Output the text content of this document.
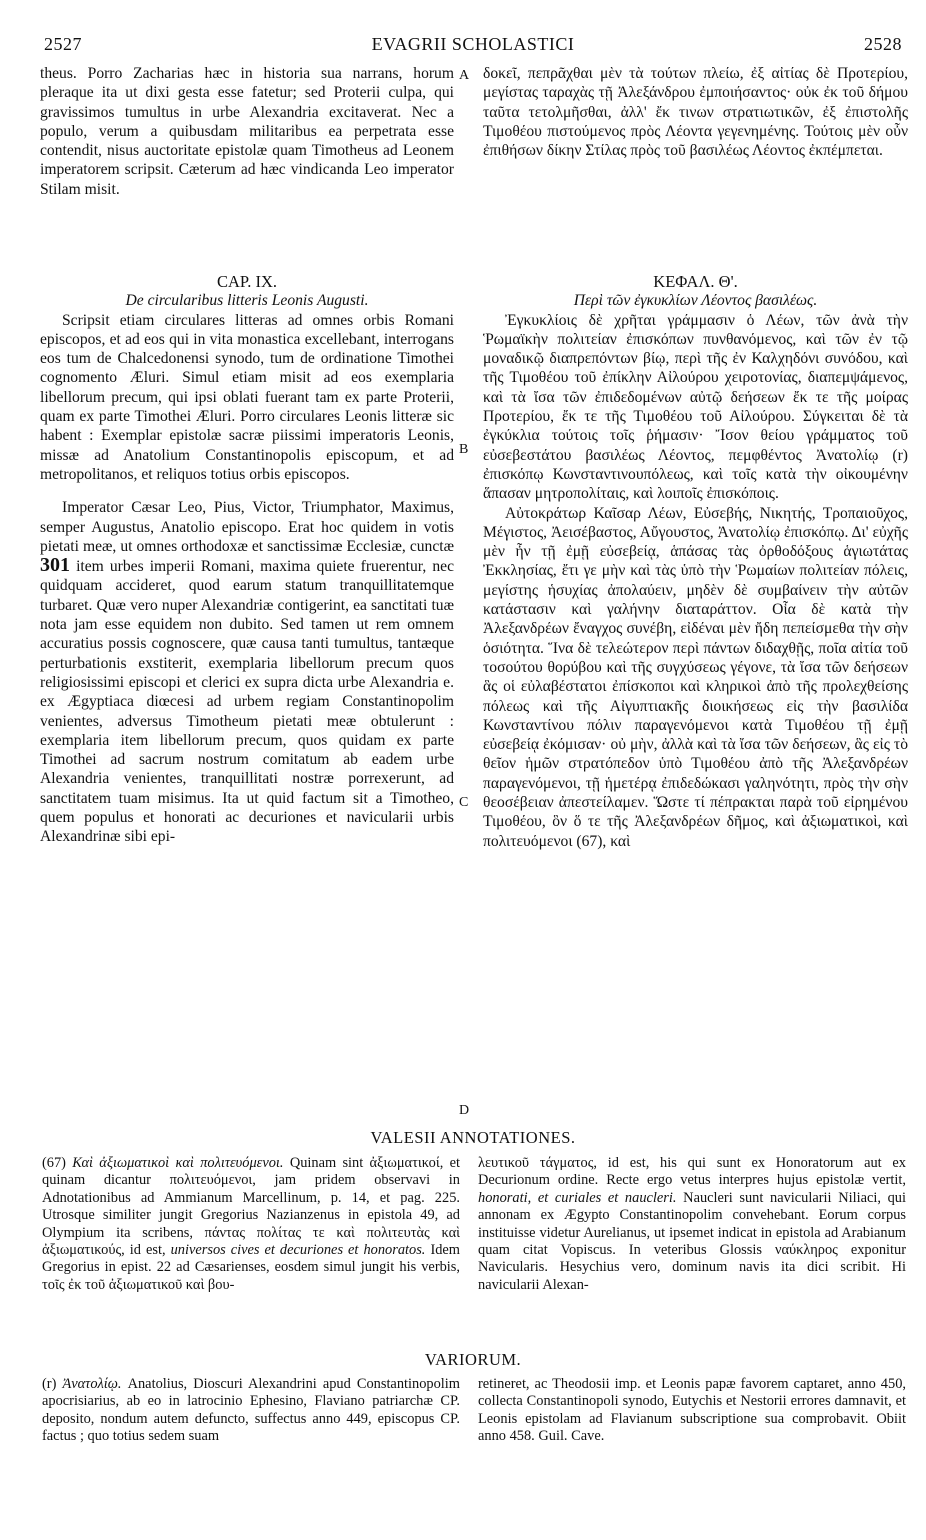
2527	EVAGRII SCHOLASTICI	2528
A
B
C
D

theus. Porro Zacharias hæc in historia sua narrans, horum pleraque ita ut dixi gesta esse fatetur; sed Proterii culpa, qui gravissimos tumultus in urbe Alexandria excitaverat. Nec a populo, verum a quibusdam militaribus ea perpetrata esse contendit, nisus auctoritate epistolæ quam Timotheus ad Leonem imperatorem scripsit. Cæterum ad hæc vindicanda Leo imperator Stilam misit.

CAP. IX.

De circularibus litteris Leonis Augusti.

Scripsit etiam circulares litteras ad omnes orbis Romani episcopos, et ad eos qui in vita monastica excellebant, interrogans eos tum de Chalcedonensi synodo, tum de ordinatione Timothei cognomento Æluri. Simul etiam misit ad eos exemplaria libellorum precum, qui ipsi oblati fuerant tam ex parte Proterii, quam ex parte Timothei Æluri. Porro circulares Leonis litteræ sic habent : Exemplar epistolæ sacræ piissimi imperatoris Leonis, missæ ad Anatolium Constantinopolis episcopum, et ad metropolitanos, et reliquos totius orbis episcopos.

Imperator Cæsar Leo, Pius, Victor, Triumphator, Maximus, semper Augustus, Anatolio episcopo. Erat hoc quidem in votis pietati meæ, ut omnes orthodoxæ et sanctissimæ Ecclesiæ, cunctæ 301 item urbes imperii Romani, maxima quiete fruerentur, nec quidquam accideret, quod earum statum tranquillitatemque turbaret. Quæ vero nuper Alexandriæ contigerint, ea sanctitati tuæ nota jam esse equidem non dubito. Sed tamen ut rem omnem accuratius possis cognoscere, quæ causa tanti tumultus, tantæque perturbationis exstiterit, exemplaria libellorum precum quos religiosissimi episcopi et clerici ex supra dicta urbe Alexandria e. ex Ægyptiaca diœcesi ad urbem regiam Constantinopolim venientes, adversus Timotheum pietati meæ obtulerunt : exemplaria item libellorum precum, quos quidam ex parte Timothei ad sacrum nostrum comitatum ab eadem urbe Alexandria venientes, tranquillitati nostræ porrexerunt, ad sanctitatem tuam misimus. Ita ut quid factum sit a Timotheo, quem populus et honorati ac decuriones et navicularii urbis Alexandrinæ sibi epi-

δοκεῖ, πεπρᾶχθαι μὲν τὰ τούτων πλείω, ἐξ αἰτίας δὲ Προτερίου, μεγίστας ταραχὰς τῇ Ἀλεξάνδρου ἐμποιήσαντος· οὐκ ἐκ τοῦ δήμου ταῦτα τετολμῆσθαι, ἀλλ' ἔκ τινων στρατιωτικῶν, ἐξ ἐπιστολῆς Τιμοθέου πιστούμενος πρὸς Λέοντα γεγενημένης. Τούτοις μὲν οὖν ἐπιθήσων δίκην Στίλας πρὸς τοῦ βασιλέως Λέοντος ἐκπέμπεται.

ΚΕΦΑΛ. Θ'.

Περὶ τῶν ἐγκυκλίων Λέοντος βασιλέως.

Ἐγκυκλίοις δὲ χρῆται γράμμασιν ὁ Λέων, τῶν ἀνὰ τὴν Ῥωμαϊκὴν πολιτείαν ἐπισκόπων πυνθανόμενος, καὶ τῶν ἐν τῷ μοναδικῷ διαπρεπόντων βίῳ, περὶ τῆς ἐν Καλχηδόνι συνόδου, καὶ τῆς Τιμοθέου τοῦ ἐπίκλην Αἰλούρου χειροτονίας, διαπεμψάμενος, καὶ τὰ ἴσα τῶν ἐπιδεδομένων αὐτῷ δεήσεων ἔκ τε τῆς μοίρας Προτερίου, ἔκ τε τῆς Τιμοθέου τοῦ Αἰλούρου. Σύγκειται δὲ τὰ ἐγκύκλια τούτοις τοῖς ῥήμασιν· Ἴσον θείου γράμματος τοῦ εὐσεβεστάτου βασιλέως Λέοντος, πεμφθέντος Ἀνατολίῳ (r) ἐπισκόπῳ Κωνσταντινουπόλεως, καὶ τοῖς κατὰ τὴν οἰκουμένην ἅπασαν μητροπολίταις, καὶ λοιποῖς ἐπισκόποις.

Αὐτοκράτωρ Καῖσαρ Λέων, Εὐσεβής, Νικητής, Τροπαιοῦχος, Μέγιστος, Ἀεισέβαστος, Αὔγουστος, Ἀνατολίῳ ἐπισκόπῳ. Δι' εὐχῆς μὲν ἦν τῇ ἐμῇ εὐσεβείᾳ, ἁπάσας τὰς ὀρθοδόξους ἁγιωτάτας Ἐκκλησίας, ἔτι γε μὴν καὶ τὰς ὑπὸ τὴν Ῥωμαίων πολιτείαν πόλεις, μεγίστης ἡσυχίας ἀπολαύειν, μηδὲν δὲ συμβαίνειν τὴν αὐτῶν κατάστασιν καὶ γαλήνην διαταράττον. Οἷα δὲ κατὰ τὴν Ἀλεξανδρέων ἔναγχος συνέβη, εἰδέναι μὲν ἤδη πεπείσμεθα τὴν σὴν ὁσιότητα. Ἵνα δὲ τελεώτερον περὶ πάντων διδαχθῇς, ποῖα αἰτία τοῦ τοσούτου θορύβου καὶ τῆς συγχύσεως γέγονε, τὰ ἴσα τῶν δεήσεων ἃς οἱ εὐλαβέστατοι ἐπίσκοποι καὶ κληρικοὶ ἀπὸ τῆς προλεχθείσης πόλεως καὶ τῆς Αἰγυπτιακῆς διοικήσεως εἰς τὴν βασιλίδα Κωνσταντίνου πόλιν παραγενόμενοι κατὰ Τιμοθέου τῇ ἐμῇ εὐσεβείᾳ ἐκόμισαν· οὐ μὴν, ἀλλὰ καὶ τὰ ἴσα τῶν δεήσεων, ἃς εἰς τὸ θεῖον ἡμῶν στρατόπεδον ὑπὸ Τιμοθέου ἀπὸ τῆς Ἀλεξανδρέων παραγενόμενοι, τῇ ἡμετέρᾳ ἐπιδεδώκασι γαληνότητι, πρὸς τὴν σὴν θεοσέβειαν ἀπεστείλαμεν. Ὥστε τί πέπρακται παρὰ τοῦ εἰρημένου Τιμοθέου, ὃν ὅ τε τῆς Ἀλεξανδρέων δῆμος, καὶ ἀξιωματικοὶ, καὶ πολιτευόμενοι (67), καὶ

VALESII ANNOTATIONES.

(67) Καὶ ἀξιωματικοὶ καὶ πολιτευόμενοι. Quinam sint ἀξιωματικοί, et quinam dicantur πολιτευόμενοι, jam pridem observavi in Adnotationibus ad Ammianum Marcellinum, p. 14, et pag. 225. Utrosque similiter jungit Gregorius Nazianzenus in epistola 49, ad Olympium ita scribens, πάντας πολίτας τε καὶ πολιτευτὰς καὶ ἀξιωματικούς, id est, universos cives et decuriones et honoratos. Idem Gregorius in epist. 22 ad Cæsarienses, eosdem simul jungit his verbis, τοῖς ἐκ τοῦ ἀξιωματικοῦ καὶ βου-

λευτικοῦ τάγματος, id est, his qui sunt ex Honoratorum aut ex Decurionum ordine. Recte ergo vetus interpres hujus epistolæ vertit, honorati, et curiales et naucleri. Naucleri sunt navicularii Niliaci, qui annonam ex Ægypto Constantinopolim convehebant. Eorum corpus instituisse videtur Aurelianus, ut ipsemet indicat in epistola ad Arabianum quam citat Vopiscus. In veteribus Glossis ναύκληρος exponitur Navicularis. Hesychius vero, dominum navis ita dici scribit. Hi navicularii Alexan-

VARIORUM.

(r) Ἀνατολίῳ. Anatolius, Dioscuri Alexandrini apud Constantinopolim apocrisiarius, ab eo in latrocinio Ephesino, Flaviano patriarchæ CP. deposito, nondum autem defuncto, suffectus anno 449, episcopus CP. factus ; quo totius sedem suam

retineret, ac Theodosii imp. et Leonis papæ favorem captaret, anno 450, collecta Constantinopoli synodo, Eutychis et Nestorii errores damnavit, et Leonis epistolam ad Flavianum subscriptione sua comprobavit. Obiit anno 458. Guil. Cave.
